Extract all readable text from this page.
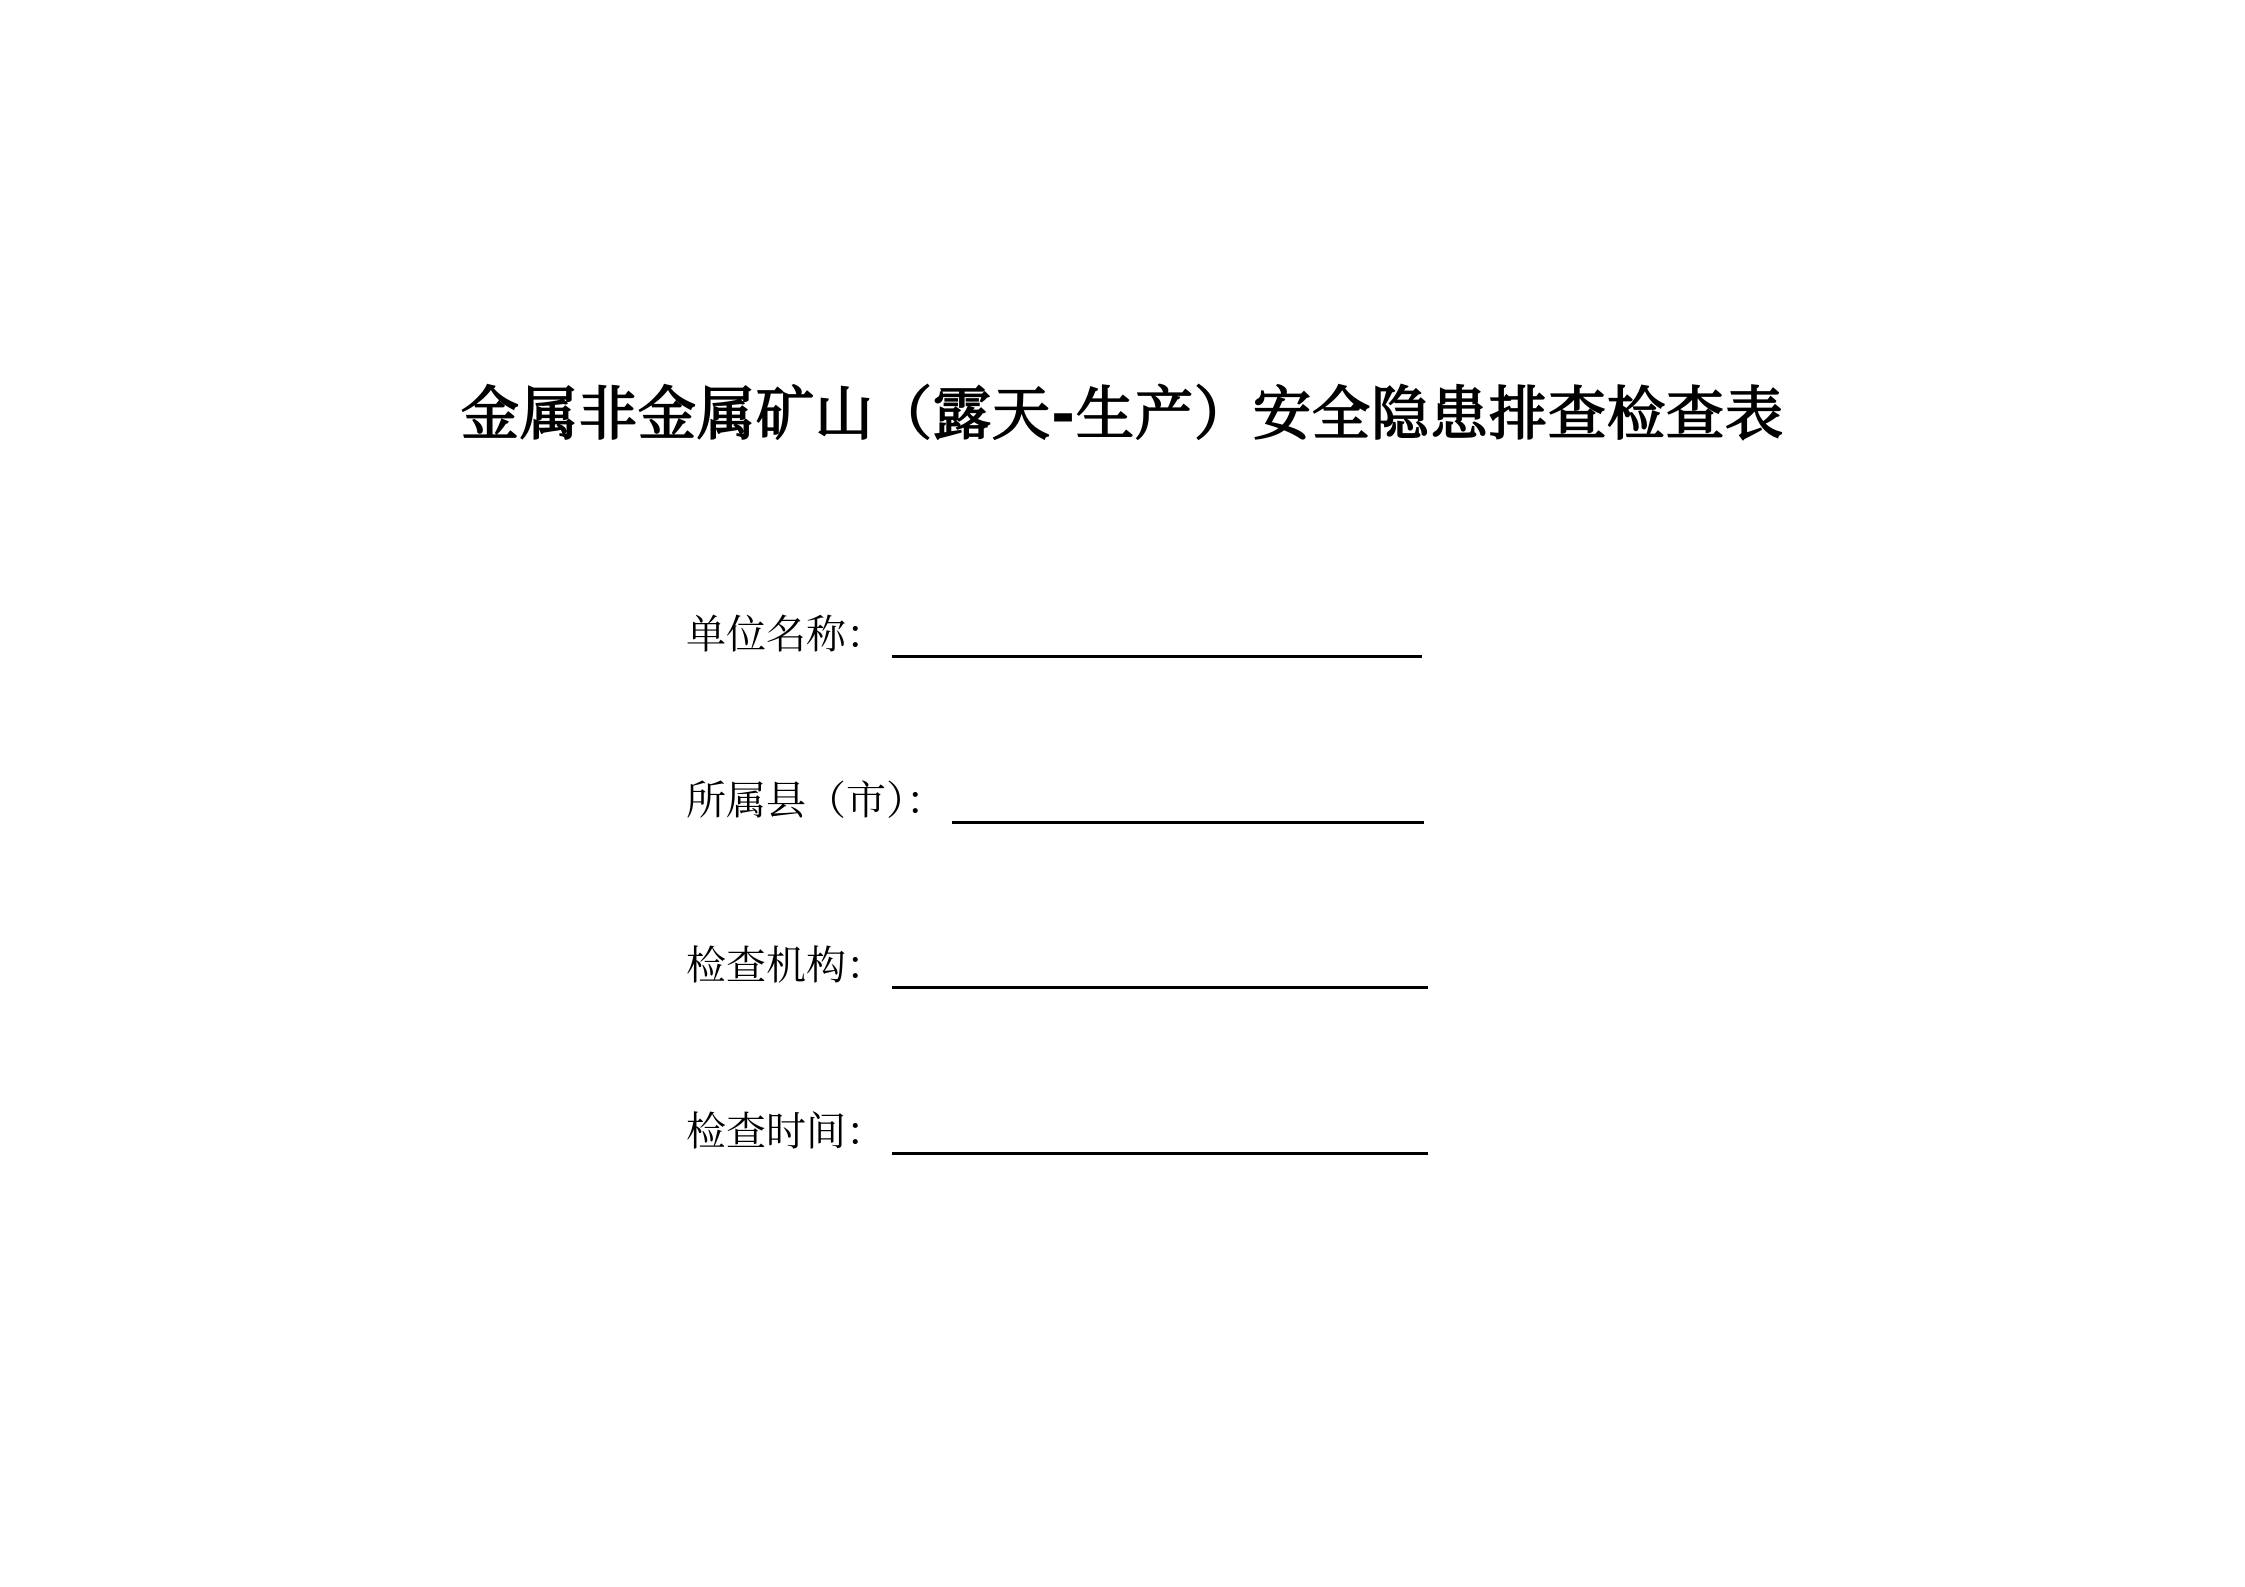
金属非金属矿山（露天-生产）安全隐患排查检查表
单位名称：
所属县（市）：
检查机构：
检查时间：
